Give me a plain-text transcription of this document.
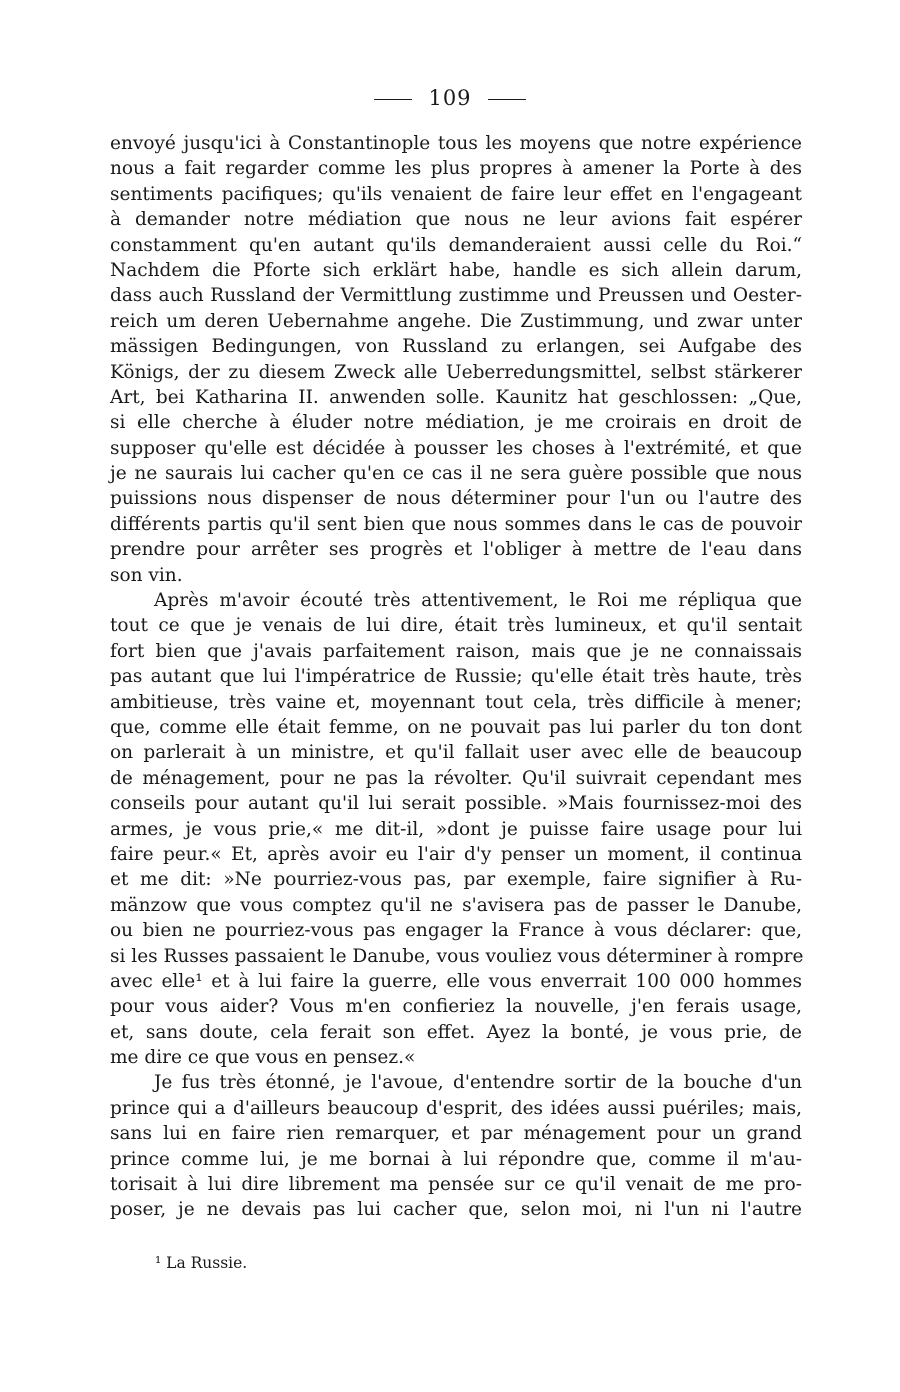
109
envoyé jusqu'ici à Constantinople tous les moyens que notre expérience
nous a fait regarder comme les plus propres à amener la Porte à des
sentiments pacifiques; qu'ils venaient de faire leur effet en l'engageant
à demander notre médiation que nous ne leur avions fait espérer
constamment qu'en autant qu'ils demanderaient aussi celle du Roi.“
Nachdem die Pforte sich erklärt habe, handle es sich allein darum,
dass auch Russland der Vermittlung zustimme und Preussen und Oester-
reich um deren Uebernahme angehe. Die Zustimmung, und zwar unter
mässigen Bedingungen, von Russland zu erlangen, sei Aufgabe des
Königs, der zu diesem Zweck alle Ueberredungsmittel, selbst stärkerer
Art, bei Katharina II. anwenden solle. Kaunitz hat geschlossen: „Que,
si elle cherche à éluder notre médiation, je me croirais en droit de
supposer qu'elle est décidée à pousser les choses à l'extrémité, et que
je ne saurais lui cacher qu'en ce cas il ne sera guère possible que nous
puissions nous dispenser de nous déterminer pour l'un ou l'autre des
différents partis qu'il sent bien que nous sommes dans le cas de pouvoir
prendre pour arrêter ses progrès et l'obliger à mettre de l'eau dans
son vin.
Après m'avoir écouté très attentivement, le Roi me répliqua que
tout ce que je venais de lui dire, était très lumineux, et qu'il sentait
fort bien que j'avais parfaitement raison, mais que je ne connaissais
pas autant que lui l'impératrice de Russie; qu'elle était très haute, très
ambitieuse, très vaine et, moyennant tout cela, très difficile à mener;
que, comme elle était femme, on ne pouvait pas lui parler du ton dont
on parlerait à un ministre, et qu'il fallait user avec elle de beaucoup
de ménagement, pour ne pas la révolter. Qu'il suivrait cependant mes
conseils pour autant qu'il lui serait possible. »Mais fournissez-moi des
armes, je vous prie,« me dit-il, »dont je puisse faire usage pour lui
faire peur.« Et, après avoir eu l'air d'y penser un moment, il continua
et me dit: »Ne pourriez-vous pas, par exemple, faire signifier à Ru-
mänzow que vous comptez qu'il ne s'avisera pas de passer le Danube,
ou bien ne pourriez-vous pas engager la France à vous déclarer: que,
si les Russes passaient le Danube, vous vouliez vous déterminer à rompre
avec elle¹ et à lui faire la guerre, elle vous enverrait 100 000 hommes
pour vous aider? Vous m'en confieriez la nouvelle, j'en ferais usage,
et, sans doute, cela ferait son effet. Ayez la bonté, je vous prie, de
me dire ce que vous en pensez.«
Je fus très étonné, je l'avoue, d'entendre sortir de la bouche d'un
prince qui a d'ailleurs beaucoup d'esprit, des idées aussi puériles; mais,
sans lui en faire rien remarquer, et par ménagement pour un grand
prince comme lui, je me bornai à lui répondre que, comme il m'au-
torisait à lui dire librement ma pensée sur ce qu'il venait de me pro-
poser, je ne devais pas lui cacher que, selon moi, ni l'un ni l'autre
¹ La Russie.
